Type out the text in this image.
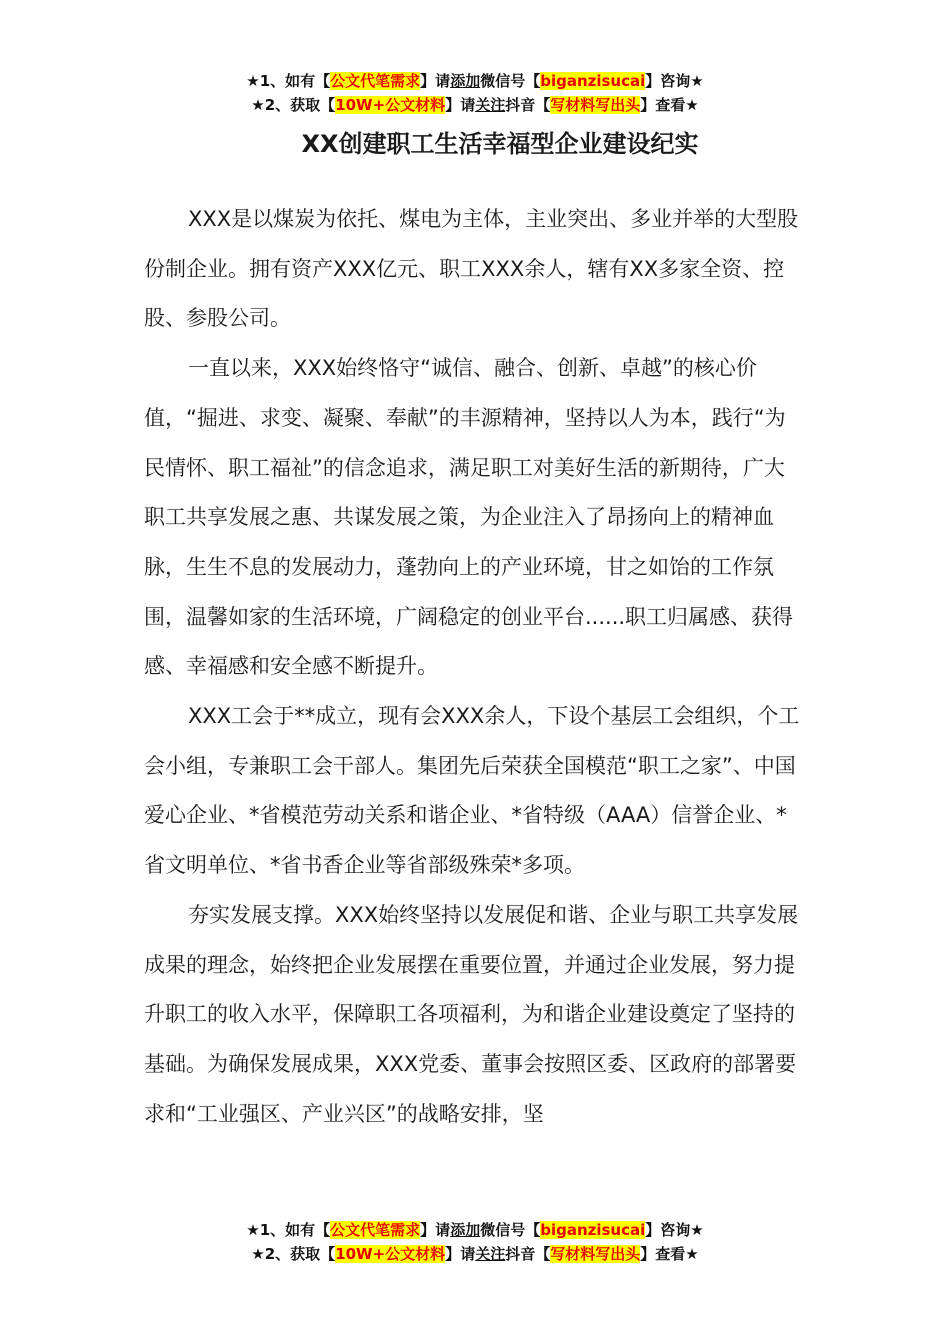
★1、如有【公文代笔需求】请添加微信号【biganzisucai】咨询★
★2、获取【10W+公文材料】请关注抖音【写材料写出头】查看★
XX创建职工生活幸福型企业建设纪实

XXX是以煤炭为依托、煤电为主体，主业突出、多业并举的大型股份制企业。拥有资产XXX亿元、职工XXX余人，辖有XX多家全资、控股、参股公司。

一直以来，XXX始终恪守“诚信、融合、创新、卓越”的核心价值，“掘进、求变、凝聚、奉献”的丰源精神，坚持以人为本，践行“为民情怀、职工福祉”的信念追求，满足职工对美好生活的新期待，广大职工共享发展之惠、共谋发展之策，为企业注入了昂扬向上的精神血脉，生生不息的发展动力，蓬勃向上的产业环境，甘之如饴的工作氛围，温馨如家的生活环境，广阔稳定的创业平台......职工归属感、获得感、幸福感和安全感不断提升。

XXX工会于**成立，现有会XXX余人，下设个基层工会组织，个工会小组，专兼职工会干部人。集团先后荣获全国模范“职工之家”、中国爱心企业、*省模范劳动关系和谐企业、*省特级（AAA）信誉企业、*省文明单位、*省书香企业等省部级殊荣*多项。

夯实发展支撑。XXX始终坚持以发展促和谐、企业与职工共享发展成果的理念，始终把企业发展摆在重要位置，并通过企业发展，努力提升职工的收入水平，保障职工各项福利，为和谐企业建设奠定了坚持的基础。为确保发展成果，XXX党委、董事会按照区委、区政府的部署要求和“工业强区、产业兴区”的战略安排，坚

★1、如有【公文代笔需求】请添加微信号【biganzisucai】咨询★
★2、获取【10W+公文材料】请关注抖音【写材料写出头】查看★
